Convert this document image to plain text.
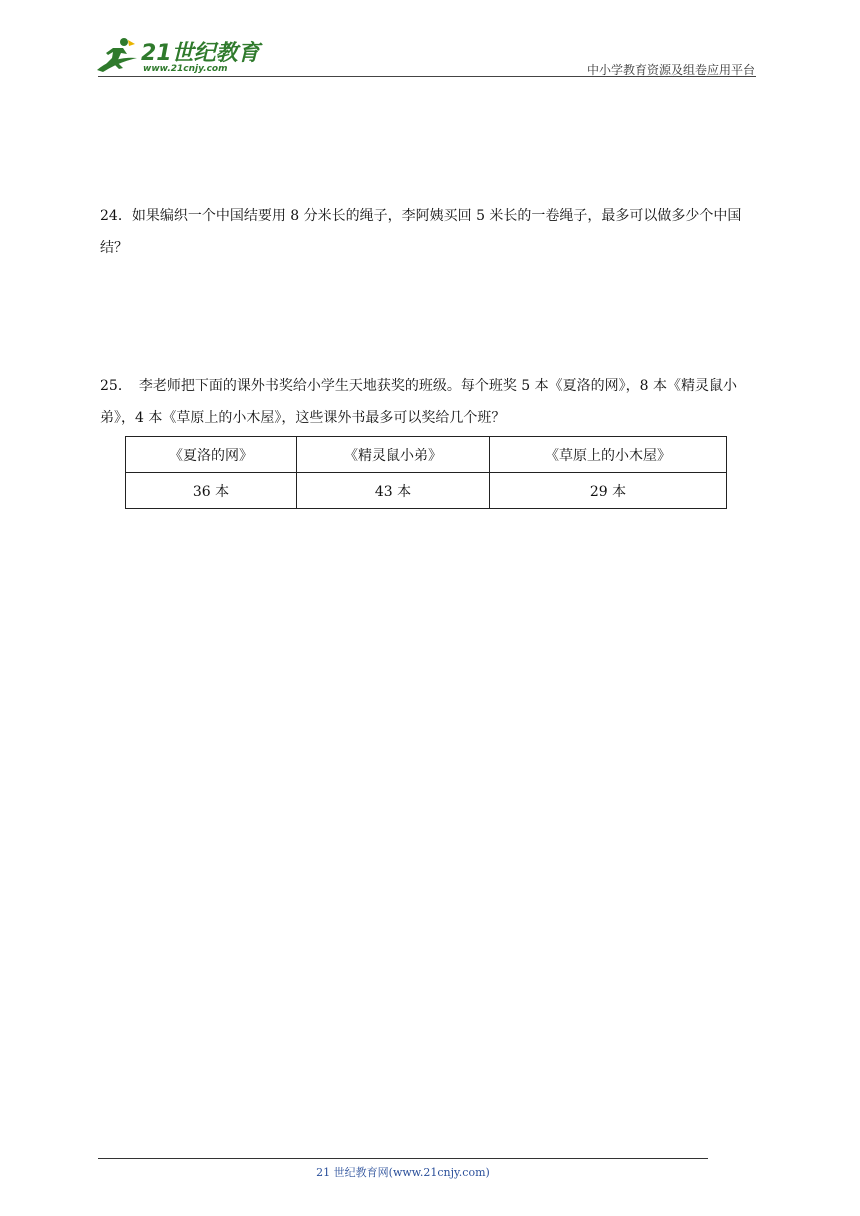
21世纪教育
www.21cnjy.com	中小学教育资源及组卷应用平台
24．如果编织一个中国结要用 8 分米长的绳子，李阿姨买回 5 米长的一卷绳子，最多可以做多少个中国结？
25．　李老师把下面的课外书奖给小学生天地获奖的班级。每个班奖 5 本《夏洛的网》，8 本《精灵鼠小弟》，4 本《草原上的小木屋》，这些课外书最多可以奖给几个班？
《夏洛的网》	《精灵鼠小弟》	《草原上的小木屋》
36 本	43 本	29 本
21 世纪教育网(www.21cnjy.com)
